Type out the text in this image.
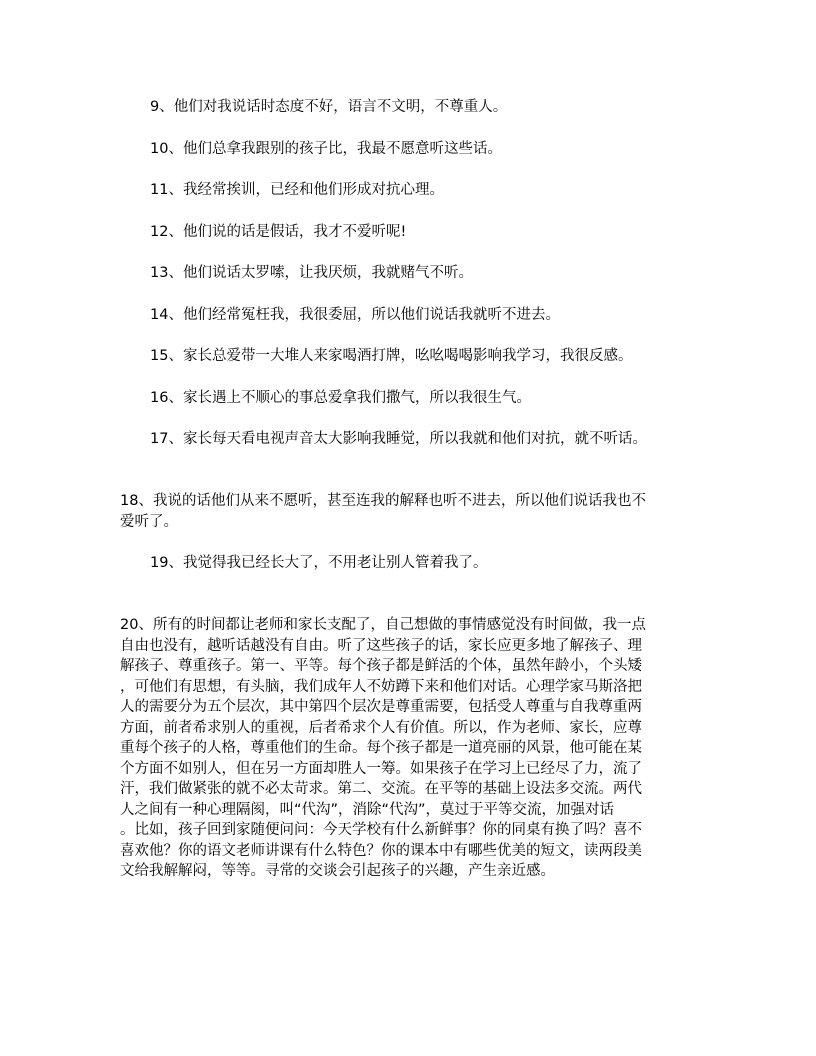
9、他们对我说话时态度不好，语言不文明，不尊重人。
10、他们总拿我跟别的孩子比，我最不愿意听这些话。
11、我经常挨训，已经和他们形成对抗心理。
12、他们说的话是假话，我才不爱听呢!
13、他们说话太罗嗦，让我厌烦，我就赌气不听。
14、他们经常冤枉我，我很委屈，所以他们说话我就听不进去。
15、家长总爱带一大堆人来家喝酒打牌，吆吆喝喝影响我学习，我很反感。
16、家长遇上不顺心的事总爱拿我们撒气，所以我很生气。
17、家长每天看电视声音太大影响我睡觉，所以我就和他们对抗，就不听话。
18、我说的话他们从来不愿听，甚至连我的解释也听不进去，所以他们说话我也不
爱听了。
19、我觉得我已经长大了，不用老让别人管着我了。
20、所有的时间都让老师和家长支配了，自己想做的事情感觉没有时间做，我一点
自由也没有，越听话越没有自由。听了这些孩子的话，家长应更多地了解孩子、理
解孩子、尊重孩子。第一、平等。每个孩子都是鲜活的个体，虽然年龄小，个头矮
，可他们有思想，有头脑，我们成年人不妨蹲下来和他们对话。心理学家马斯洛把
人的需要分为五个层次，其中第四个层次是尊重需要，包括受人尊重与自我尊重两
方面，前者希求别人的重视，后者希求个人有价值。所以，作为老师、家长，应尊
重每个孩子的人格，尊重他们的生命。每个孩子都是一道亮丽的风景，他可能在某
个方面不如别人，但在另一方面却胜人一筹。如果孩子在学习上已经尽了力，流了
汗，我们做紧张的就不必太苛求。第二、交流。在平等的基础上设法多交流。两代
人之间有一种心理隔阂，叫“代沟”，消除“代沟”，莫过于平等交流，加强对话
。比如，孩子回到家随便问问：今天学校有什么新鲜事？你的同桌有换了吗？喜不
喜欢他？你的语文老师讲课有什么特色？你的课本中有哪些优美的短文，读两段美
文给我解解闷，等等。寻常的交谈会引起孩子的兴趣，产生亲近感。
